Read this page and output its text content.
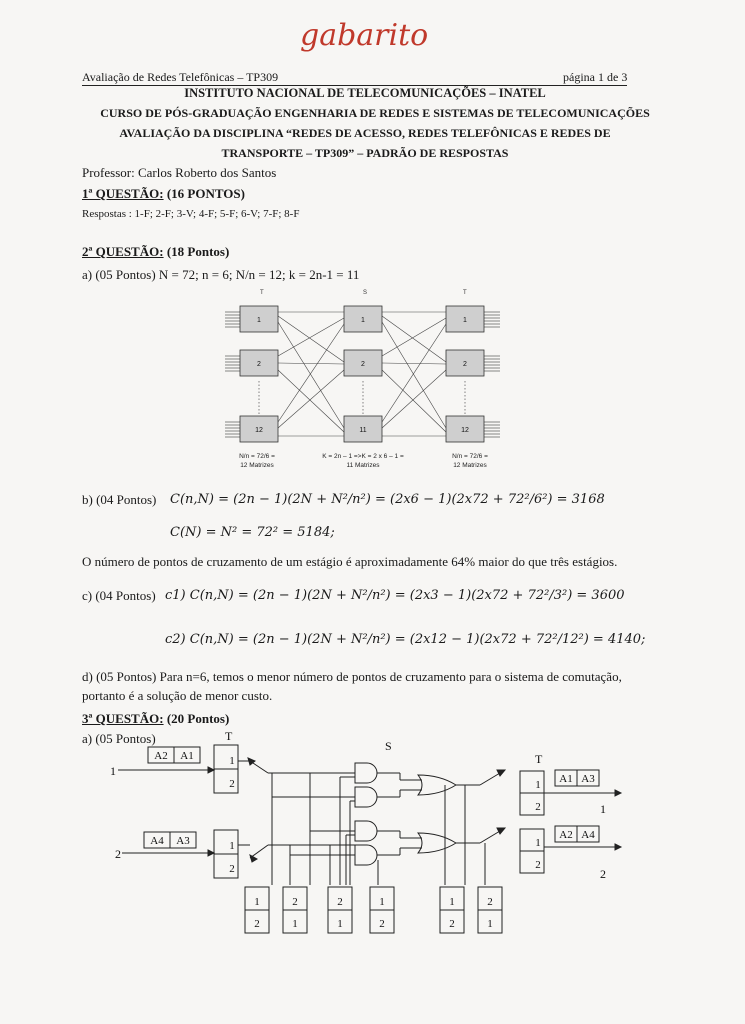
gabarito
Avaliação de Redes Telefônicas – TP309	página 1 de 3
INSTITUTO NACIONAL DE TELECOMUNICAÇÕES – INATEL
CURSO DE PÓS-GRADUAÇÃO ENGENHARIA DE REDES E SISTEMAS DE TELECOMUNICAÇÕES
AVALIAÇÃO DA DISCIPLINA “REDES DE ACESSO, REDES TELEFÔNICAS E REDES DE
TRANSPORTE – TP309” – PADRÃO DE RESPOSTAS
Professor: Carlos Roberto dos Santos
1ª QUESTÃO: (16 PONTOS)
Respostas : 1-F; 2-F; 3-V; 4-F; 5-F; 6-V; 7-F; 8-F
2ª QUESTÃO: (18 Pontos)
a) (05 Pontos) N = 72; n = 6; N/n = 12; k = 2n-1 = 11
T	S	T
1
2
12
1
2
11
1
2
12
N/n = 72/6 =
12 Matrizes
K = 2n – 1 =>K = 2 x 6 – 1 =
11 Matrizes
N/n = 72/6 =
12 Matrizes
b) (04 Pontos) C(n,N) = (2n − 1)(2N + N²/n²) = (2x6 − 1)(2x72 + 72²/6²) = 3168
C(N) = N² = 72² = 5184;
O número de pontos de cruzamento de um estágio é aproximadamente 64% maior do que três estágios.
c) (04 Pontos) c1) C(n,N) = (2n − 1)(2N + N²/n²) = (2x3 − 1)(2x72 + 72²/3²) = 3600
c2) C(n,N) = (2n − 1)(2N + N²/n²) = (2x12 − 1)(2x72 + 72²/12²) = 4140;
d) (05 Pontos) Para n=6, temos o menor número de pontos de cruzamento para o sistema de comutação,
portanto é a solução de menor custo.
3ª QUESTÃO: (20 Pontos)
a) (05 Pontos)	T
S
T
1
2
1
2
A2 A1
A4 A3
A1 A3
A2 A4
1
2
1
2
1
2
1
2
1
2
2
1
2
1
1
2
1
2
2
1
